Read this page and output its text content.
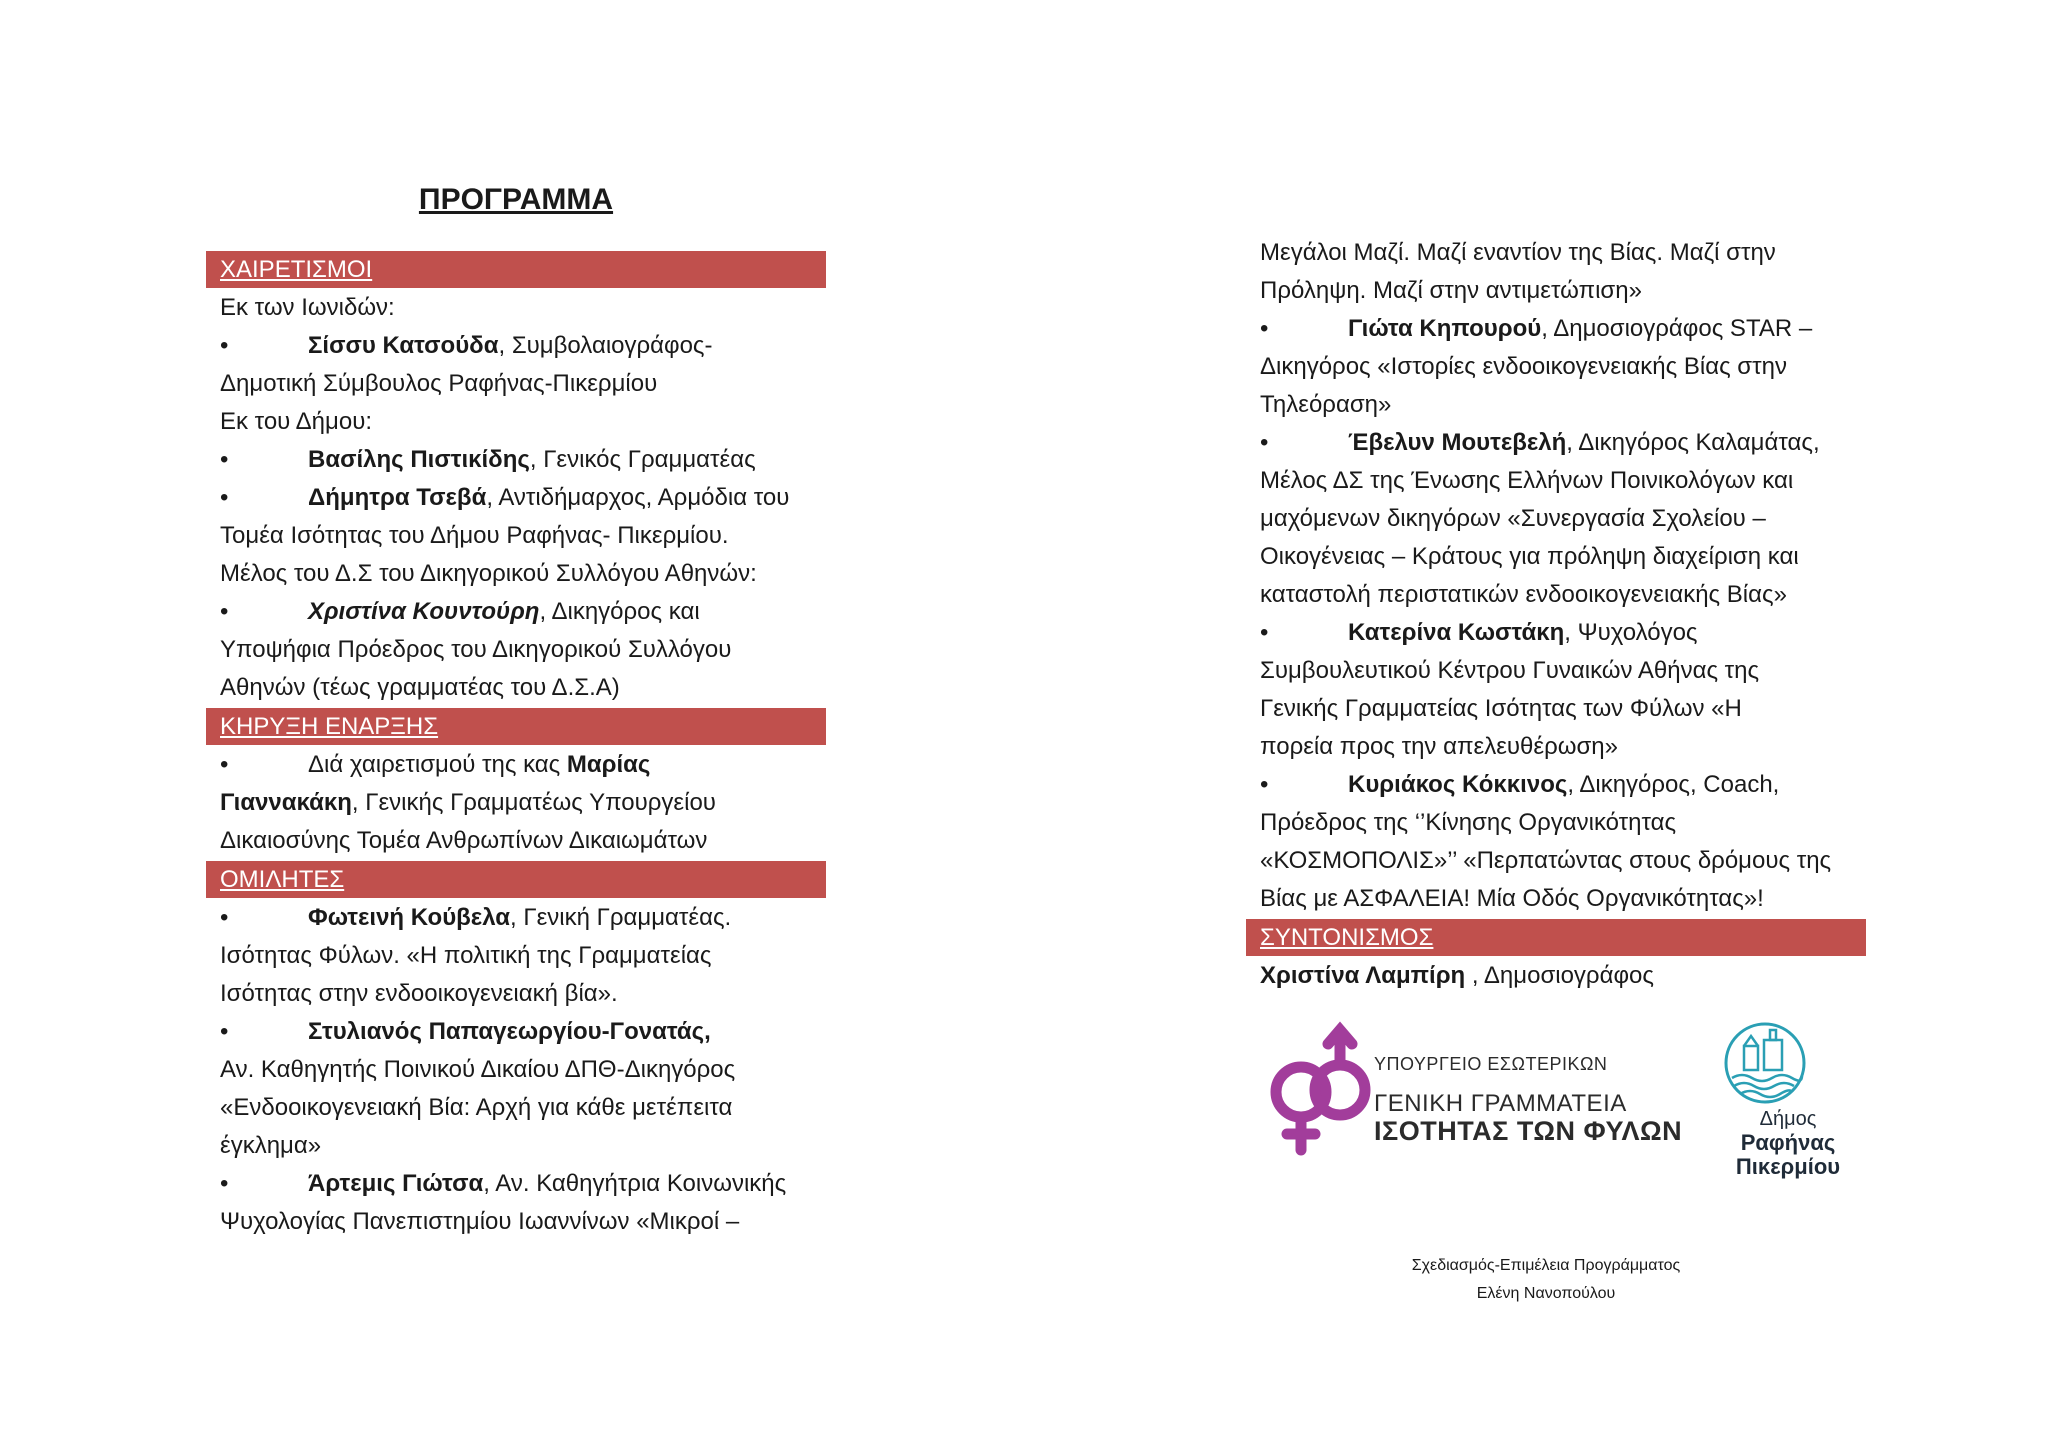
ΠΡΟΓΡΑΜΜΑ
ΧΑΙΡΕΤΙΣΜΟΙ
Εκ των Ιωνιδών:
•	Σίσσυ Κατσούδα, Συμβολαιογράφος-
Δημοτική Σύμβουλος Ραφήνας-Πικερμίου
Εκ του Δήμου:
•	Βασίλης Πιστικίδης, Γενικός Γραμματέας
•	Δήμητρα Τσεβά, Αντιδήμαρχος, Αρμόδια του
Τομέα Ισότητας του Δήμου Ραφήνας- Πικερμίου.
Μέλος του Δ.Σ του Δικηγορικού Συλλόγου Αθηνών:
•	Χριστίνα Κουντούρη, Δικηγόρος και
Υποψήφια Πρόεδρος του Δικηγορικού Συλλόγου
Αθηνών (τέως γραμματέας του Δ.Σ.Α)
ΚΗΡΥΞΗ ΕΝΑΡΞΗΣ
•	Διά χαιρετισμού της κας Μαρίας
Γιαννακάκη, Γενικής Γραμματέως Υπουργείου
Δικαιοσύνης Τομέα Ανθρωπίνων Δικαιωμάτων
ΟΜΙΛΗΤΕΣ
•	Φωτεινή Κούβελα, Γενική Γραμματέας.
Ισότητας Φύλων. «Η πολιτική της Γραμματείας
Ισότητας στην ενδοοικογενειακή βία».
•	Στυλιανός Παπαγεωργίου-Γονατάς,
Αν. Καθηγητής Ποινικού Δικαίου ΔΠΘ-Δικηγόρος
«Ενδοοικογενειακή Βία: Αρχή για κάθε μετέπειτα
έγκλημα»
•	Άρτεμις Γιώτσα, Αν. Καθηγήτρια Κοινωνικής
Ψυχολογίας Πανεπιστημίου Ιωαννίνων «Μικροί –
Μεγάλοι Μαζί. Μαζί εναντίον της Βίας. Μαζί στην
Πρόληψη. Μαζί στην αντιμετώπιση»
•	Γιώτα Κηπουρού, Δημοσιογράφος STAR –
Δικηγόρος «Ιστορίες ενδοοικογενειακής Βίας στην
Τηλεόραση»
•	Έβελυν Μουτεβελή, Δικηγόρος Καλαμάτας,
Μέλος ΔΣ της Ένωσης Ελλήνων Ποινικολόγων και
μαχόμενων δικηγόρων «Συνεργασία Σχολείου –
Οικογένειας – Κράτους για πρόληψη διαχείριση και
καταστολή περιστατικών ενδοοικογενειακής Βίας»
•	Κατερίνα Κωστάκη, Ψυχολόγος
Συμβουλευτικού Κέντρου Γυναικών Αθήνας της
Γενικής Γραμματείας Ισότητας των Φύλων «Η
πορεία προς την απελευθέρωση»
•	Κυριάκος Κόκκινος, Δικηγόρος, Coach,
Πρόεδρος της ‘’Κίνησης Οργανικότητας
«ΚΟΣΜΟΠΟΛΙΣ»’’ «Περπατώντας στους δρόμους της
Βίας με ΑΣΦΑΛΕΙΑ! Μία Οδός Οργανικότητας»!
ΣΥΝΤΟΝΙΣΜΟΣ
Χριστίνα Λαμπίρη , Δημοσιογράφος
ΥΠΟΥΡΓΕΙΟ ΕΣΩΤΕΡΙΚΩΝ
ΓΕΝΙΚΗ ΓΡΑΜΜΑΤΕΙΑ
ΙΣΟΤΗΤΑΣ ΤΩΝ ΦΥΛΩΝ	Δήμος
Ραφήνας
Πικερμίου
Σχεδιασμός-Επιμέλεια Προγράμματος
Ελένη Νανοπούλου
